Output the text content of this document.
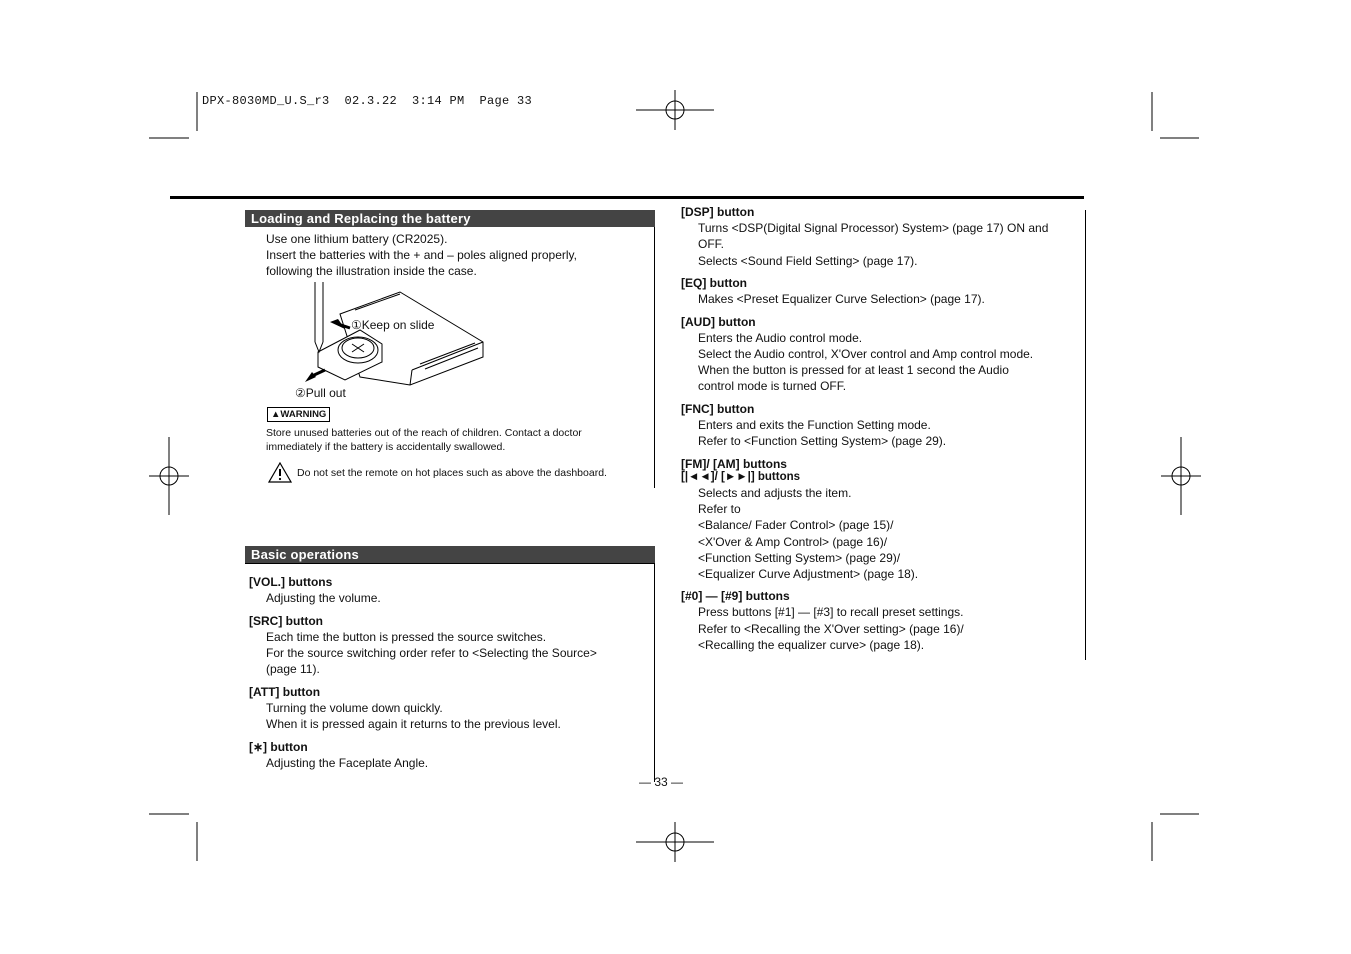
DPX-8030MD_U.S_r3  02.3.22  3:14 PM  Page 33
Loading and Replacing the battery
Use one lithium battery (CR2025).
Insert the batteries with the + and – poles aligned properly,
following the illustration inside the case.
①Keep on slide
②Pull out
▲WARNING
Store unused batteries out of the reach of children. Contact a doctor
immediately if the battery is accidentally swallowed.
Do not set the remote on hot places such as above the dashboard.
Basic operations
[VOL.] buttons
Adjusting the volume.
[SRC] button
Each time the button is pressed the source switches.
For the source switching order refer to <Selecting the Source>
(page 11).
[ATT] button
Turning the volume down quickly.
When it is pressed again it returns to the previous level.
[∗] button
Adjusting the Faceplate Angle.
[DSP] button
Turns <DSP(Digital Signal Processor) System> (page 17) ON and
OFF.
Selects <Sound Field Setting> (page 17).
[EQ] button
Makes <Preset Equalizer Curve Selection> (page 17).
[AUD] button
Enters the Audio control mode.
Select the Audio control, X'Over control and Amp control mode.
When the button is pressed for at least 1 second the Audio
control mode is turned OFF.
[FNC] button
Enters and exits the Function Setting mode.
Refer to <Function Setting System> (page 29).
[FM]/ [AM] buttons
[|◄◄]/ [►►|] buttons
Selects and adjusts the item.
Refer to
<Balance/ Fader Control> (page 15)/
<X'Over & Amp Control> (page 16)/
<Function Setting System> (page 29)/
<Equalizer Curve Adjustment> (page 18).
[#0] — [#9] buttons
Press buttons [#1] — [#3] to recall preset settings.
Refer to <Recalling the X'Over setting> (page 16)/
<Recalling the equalizer curve> (page 18).
— 33 —
